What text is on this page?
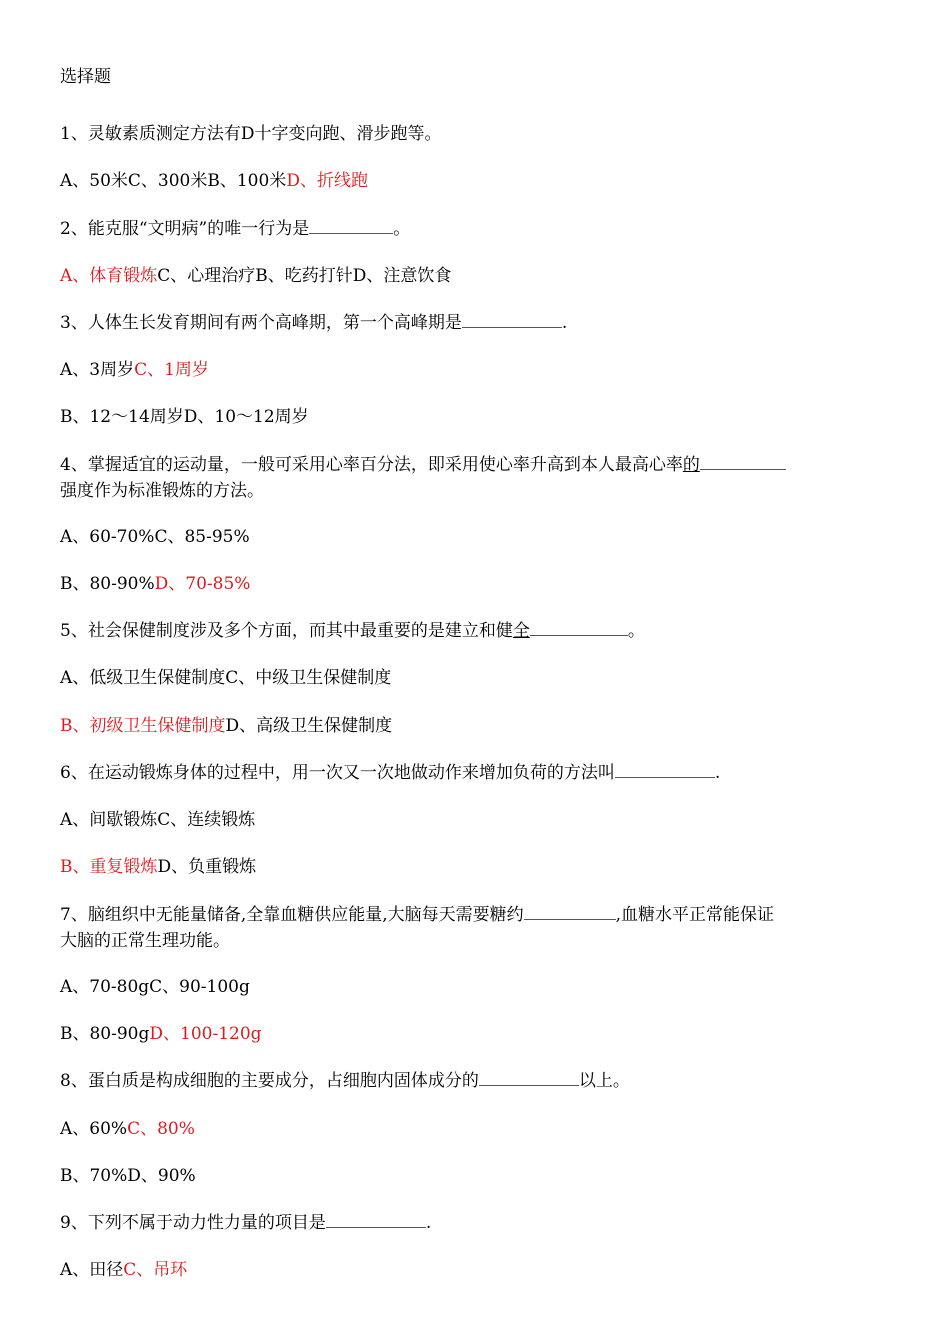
选择题
1、灵敏素质测定方法有D十字变向跑、滑步跑等。
A、50米C、300米B、100米D、折线跑
2、能克服“文明病”的唯一行为是	。
A、体育锻炼C、心理治疗B、吃药打针D、注意饮食
3、人体生长发育期间有两个高峰期，第一个高峰期是	.
A、3周岁C、1周岁
B、12～14周岁D、10～12周岁
4、掌握适宜的运动量，一般可采用心率百分法，即采用使心率升高到本人最高心率的
强度作为标准锻炼的方法。
A、60-70%C、85-95%
B、80-90%D、70-85%
5、社会保健制度涉及多个方面，而其中最重要的是建立和健全	。
A、低级卫生保健制度C、中级卫生保健制度
B、初级卫生保健制度D、高级卫生保健制度
6、在运动锻炼身体的过程中，用一次又一次地做动作来增加负荷的方法叫	.
A、间歇锻炼C、连续锻炼
B、重复锻炼D、负重锻炼
7、脑组织中无能量储备,全靠血糖供应能量,大脑每天需要糖约	,血糖水平正常能保证
大脑的正常生理功能。
A、70-80gC、90-100g
B、80-90gD、100-120g
8、蛋白质是构成细胞的主要成分，占细胞内固体成分的	以上。
A、60%C、80%
B、70%D、90%
9、下列不属于动力性力量的项目是	.
A、田径C、吊环
